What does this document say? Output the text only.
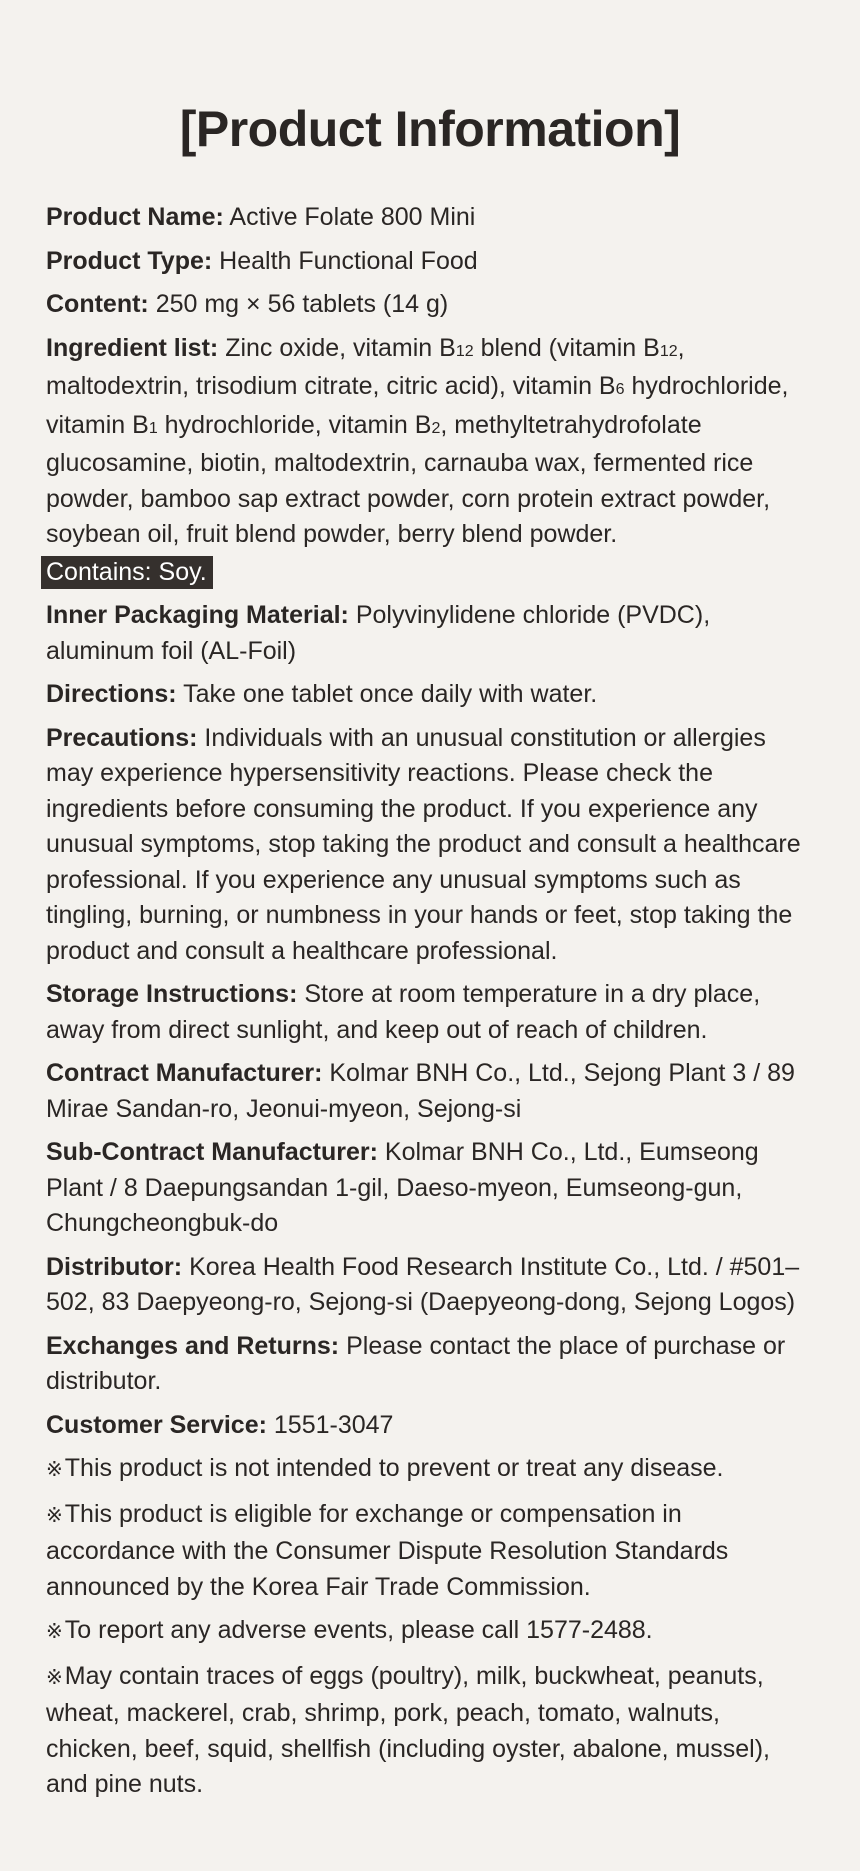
[Product Information]

Product Name: Active Folate 800 Mini

Product Type: Health Functional Food

Content: 250 mg × 56 tablets (14 g)

Ingredient list: Zinc oxide, vitamin B12 blend (vitamin B12, maltodextrin, trisodium citrate, citric acid), vitamin B6 hydrochloride, vitamin B1 hydrochloride, vitamin B2, methyltetrahydrofolate glucosamine, biotin, maltodextrin, carnauba wax, fermented rice powder, bamboo sap extract powder, corn protein extract powder, soybean oil, fruit blend powder, berry blend powder.

Contains: Soy.

Inner Packaging Material: Polyvinylidene chloride (PVDC), aluminum foil (AL-Foil)

Directions: Take one tablet once daily with water.

Precautions: Individuals with an unusual constitution or allergies may experience hypersensitivity reactions. Please check the ingredients before consuming the product. If you experience any unusual symptoms, stop taking the product and consult a healthcare professional. If you experience any unusual symptoms such as tingling, burning, or numbness in your hands or feet, stop taking the product and consult a healthcare professional.

Storage Instructions: Store at room temperature in a dry place, away from direct sunlight, and keep out of reach of children.

Contract Manufacturer: Kolmar BNH Co., Ltd., Sejong Plant 3 / 89 Mirae Sandan-ro, Jeonui-myeon, Sejong-si

Sub-Contract Manufacturer: Kolmar BNH Co., Ltd., Eumseong Plant / 8 Daepungsandan 1-gil, Daeso-myeon, Eumseong-gun, Chungcheongbuk-do

Distributor: Korea Health Food Research Institute Co., Ltd. / #501–502, 83 Daepyeong-ro, Sejong-si (Daepyeong-dong, Sejong Logos)

Exchanges and Returns: Please contact the place of purchase or distributor.

Customer Service: 1551-3047

※This product is not intended to prevent or treat any disease.

※This product is eligible for exchange or compensation in accordance with the Consumer Dispute Resolution Standards announced by the Korea Fair Trade Commission.

※To report any adverse events, please call 1577-2488.

※May contain traces of eggs (poultry), milk, buckwheat, peanuts, wheat, mackerel, crab, shrimp, pork, peach, tomato, walnuts, chicken, beef, squid, shellfish (including oyster, abalone, mussel), and pine nuts.
